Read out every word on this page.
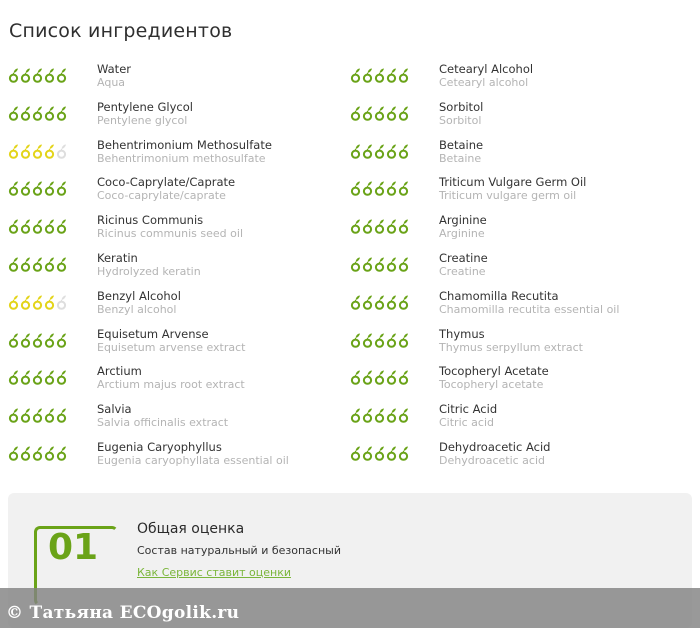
Список ингредиентов
Water
Aqua
Pentylene Glycol
Pentylene glycol
Behentrimonium Methosulfate
Behentrimonium methosulfate
Coco-Caprylate/Caprate
Coco-caprylate/caprate
Ricinus Communis
Ricinus communis seed oil
Keratin
Hydrolyzed keratin
Benzyl Alcohol
Benzyl alcohol
Equisetum Arvense
Equisetum arvense extract
Arctium
Arctium majus root extract
Salvia
Salvia officinalis extract
Eugenia Caryophyllus
Eugenia caryophyllata essential oil
Cetearyl Alcohol
Cetearyl alcohol
Sorbitol
Sorbitol
Betaine
Betaine
Triticum Vulgare Germ Oil
Triticum vulgare germ oil
Arginine
Arginine
Creatine
Creatine
Chamomilla Recutita
Chamomilla recutita essential oil
Thymus
Thymus serpyllum extract
Tocopheryl Acetate
Tocopheryl acetate
Citric Acid
Citric acid
Dehydroacetic Acid
Dehydroacetic acid
01	Общая оценка
Состав натуральный и безопасный
Как Сервис ставит оценки
© Татьяна ECOgolik.ru
